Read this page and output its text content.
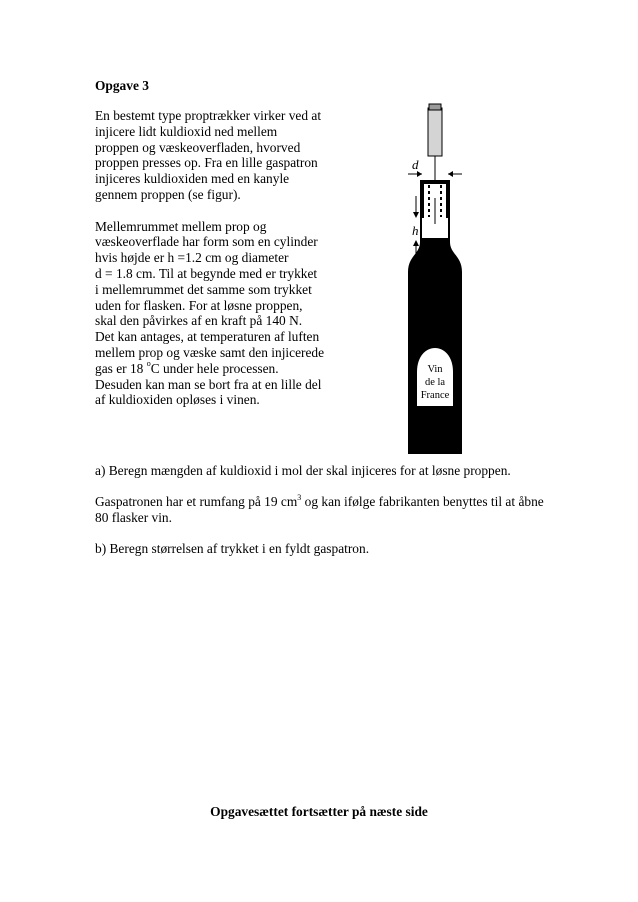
Opgave 3
En bestemt type proptrækker virker ved at
injicere lidt kuldioxid ned mellem
proppen og væskeoverfladen, hvorved
proppen presses op. Fra en lille gaspatron
injiceres kuldioxiden med en kanyle
gennem proppen (se figur).
Mellemrummet mellem prop og
væskeoverflade har form som en cylinder
hvis højde er h =1.2 cm og diameter
d = 1.8 cm. Til at begynde med er trykket
i mellemrummet det samme som trykket
uden for flasken. For at løsne proppen,
skal den påvirkes af en kraft på 140 N.
Det kan antages, at temperaturen af luften
mellem prop og væske samt den injicerede
gas er 18 $^o$C under hele processen.
Desuden kan man se bort fra at en lille del
af kuldioxiden opløses i vinen.
d
h
Vin
de la
France
a) Beregn mængden af kuldioxid i mol der skal injiceres for at løsne proppen.
Gaspatronen har et rumfang på 19 $cm^3$ og kan ifølge fabrikanten benyttes til at åbne
80 flasker vin.
b) Beregn størrelsen af trykket i en fyldt gaspatron.
Opgavesættet fortsætter på næste side
